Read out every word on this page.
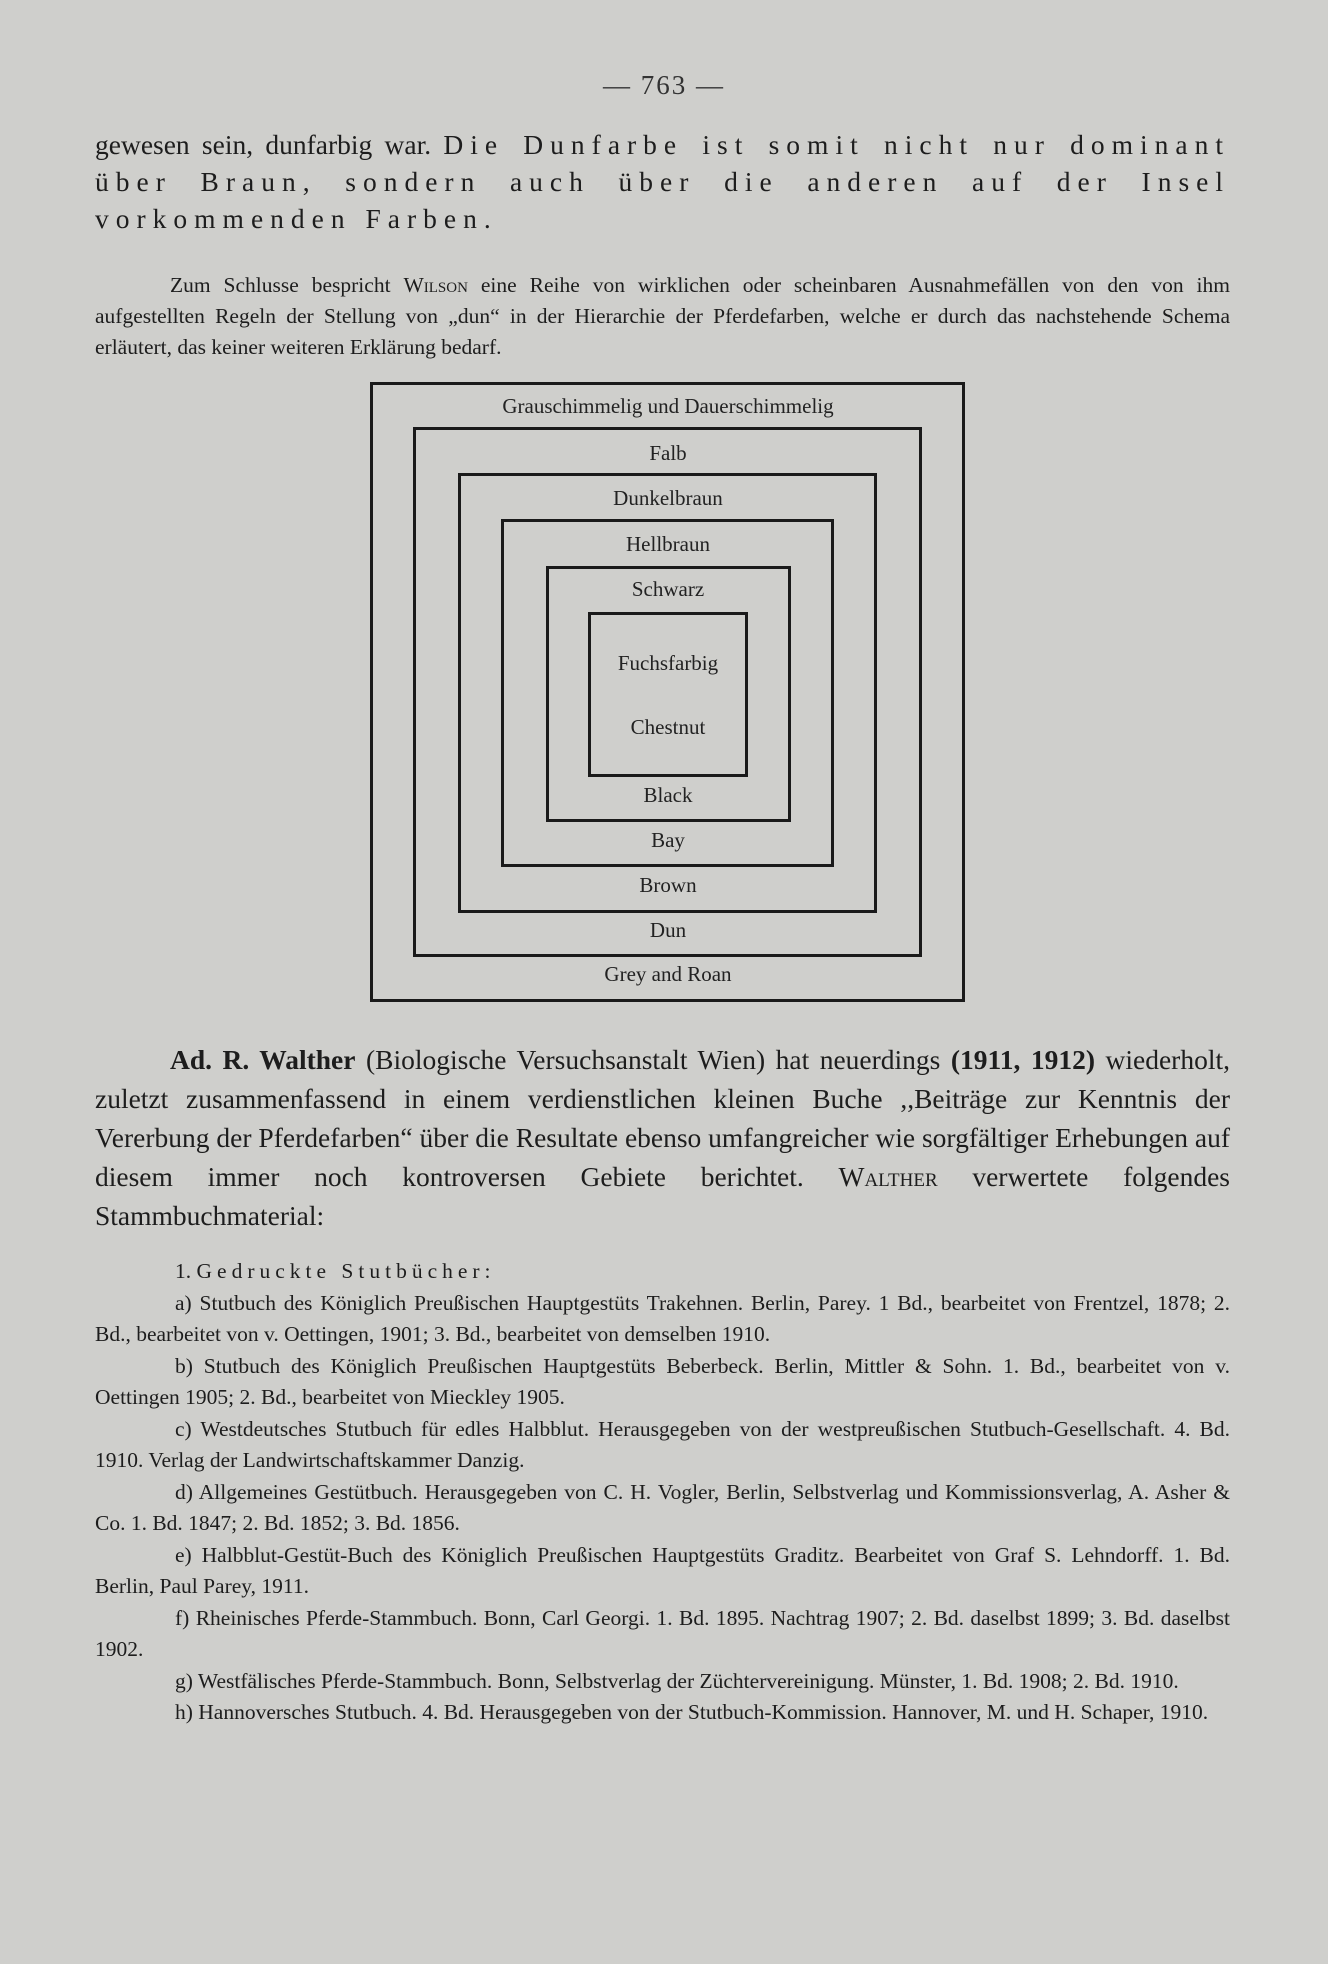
— 763 —

gewesen sein, dunfarbig war. Die Dunfarbe ist somit nicht nur dominant über Braun, sondern auch über die anderen auf der Insel vorkommenden Farben.

Zum Schlusse bespricht Wilson eine Reihe von wirklichen oder scheinbaren Ausnahmefällen von den von ihm aufgestellten Regeln der Stellung von „dun“ in der Hierarchie der Pferdefarben, welche er durch das nachstehende Schema erläutert, das keiner weiteren Erklärung bedarf.

Grauschimmelig und Dauerschimmelig
Falb
Dunkelbraun
Hellbraun
Schwarz
Fuchsfarbig
Chestnut
Black
Bay
Brown
Dun
Grey and Roan

Ad. R. Walther (Biologische Versuchsanstalt Wien) hat neuerdings (1911, 1912) wiederholt, zuletzt zusammenfassend in einem verdienstlichen kleinen Buche ,,Beiträge zur Kenntnis der Vererbung der Pferdefarben“ über die Resultate ebenso umfangreicher wie sorgfältiger Erhebungen auf diesem immer noch kontroversen Gebiete berichtet. Walther verwertete folgendes Stammbuchmaterial:

1. Gedruckte Stutbücher:

a) Stutbuch des Königlich Preußischen Hauptgestüts Trakehnen. Berlin, Parey. 1 Bd., bearbeitet von Frentzel, 1878; 2. Bd., bearbeitet von v. Oettingen, 1901; 3. Bd., bearbeitet von demselben 1910.

b) Stutbuch des Königlich Preußischen Hauptgestüts Beberbeck. Berlin, Mittler & Sohn. 1. Bd., bearbeitet von v. Oettingen 1905; 2. Bd., bearbeitet von Mieckley 1905.

c) Westdeutsches Stutbuch für edles Halbblut. Herausgegeben von der westpreußischen Stutbuch-Gesellschaft. 4. Bd. 1910. Verlag der Landwirtschaftskammer Danzig.

d) Allgemeines Gestütbuch. Herausgegeben von C. H. Vogler, Berlin, Selbstverlag und Kommissionsverlag, A. Asher & Co. 1. Bd. 1847; 2. Bd. 1852; 3. Bd. 1856.

e) Halbblut-Gestüt-Buch des Königlich Preußischen Hauptgestüts Graditz. Bearbeitet von Graf S. Lehndorff. 1. Bd. Berlin, Paul Parey, 1911.

f) Rheinisches Pferde-Stammbuch. Bonn, Carl Georgi. 1. Bd. 1895. Nachtrag 1907; 2. Bd. daselbst 1899; 3. Bd. daselbst 1902.

g) Westfälisches Pferde-Stammbuch. Bonn, Selbstverlag der Züchtervereinigung. Münster, 1. Bd. 1908; 2. Bd. 1910.

h) Hannoversches Stutbuch. 4. Bd. Herausgegeben von der Stutbuch-Kommission. Hannover, M. und H. Schaper, 1910.
